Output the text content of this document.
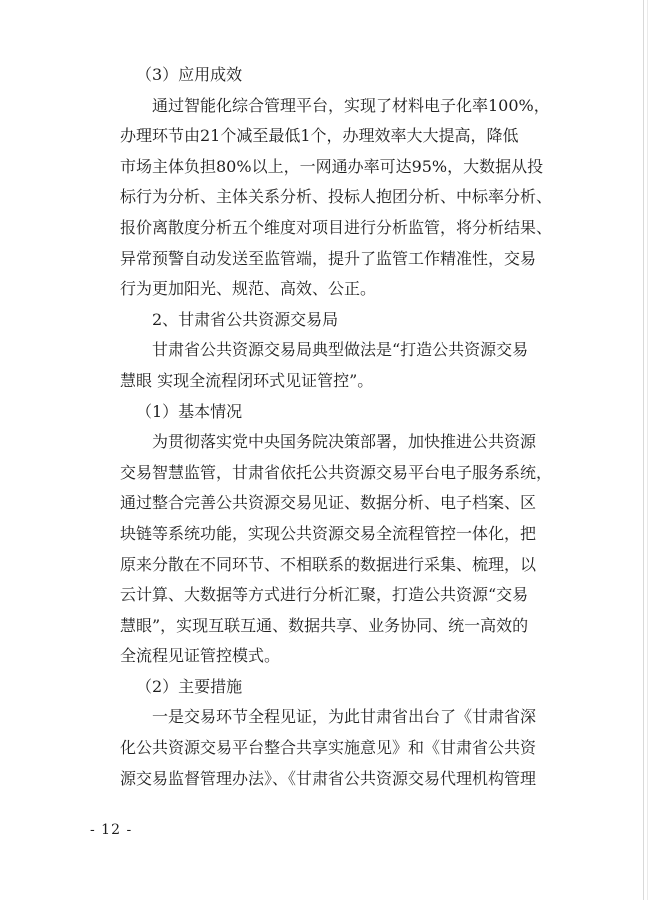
（3）应用成效
通过智能化综合管理平台，实现了材料电子化率100%，
办理环节由21个减至最低1个，办理效率大大提高，降低
市场主体负担80%以上，一网通办率可达95%，大数据从投
标行为分析、主体关系分析、投标人抱团分析、中标率分析、
报价离散度分析五个维度对项目进行分析监管，将分析结果、
异常预警自动发送至监管端，提升了监管工作精准性，交易
行为更加阳光、规范、高效、公正。
2、甘肃省公共资源交易局
甘肃省公共资源交易局典型做法是“打造公共资源交易
慧眼 实现全流程闭环式见证管控”。
（1）基本情况
为贯彻落实党中央国务院决策部署，加快推进公共资源
交易智慧监管，甘肃省依托公共资源交易平台电子服务系统，
通过整合完善公共资源交易见证、数据分析、电子档案、区
块链等系统功能，实现公共资源交易全流程管控一体化，把
原来分散在不同环节、不相联系的数据进行采集、梳理，以
云计算、大数据等方式进行分析汇聚，打造公共资源“交易
慧眼”，实现互联互通、数据共享、业务协同、统一高效的
全流程见证管控模式。
（2）主要措施
一是交易环节全程见证，为此甘肃省出台了《甘肃省深
化公共资源交易平台整合共享实施意见》和《甘肃省公共资
源交易监督管理办法》、《甘肃省公共资源交易代理机构管理
- 12 -
